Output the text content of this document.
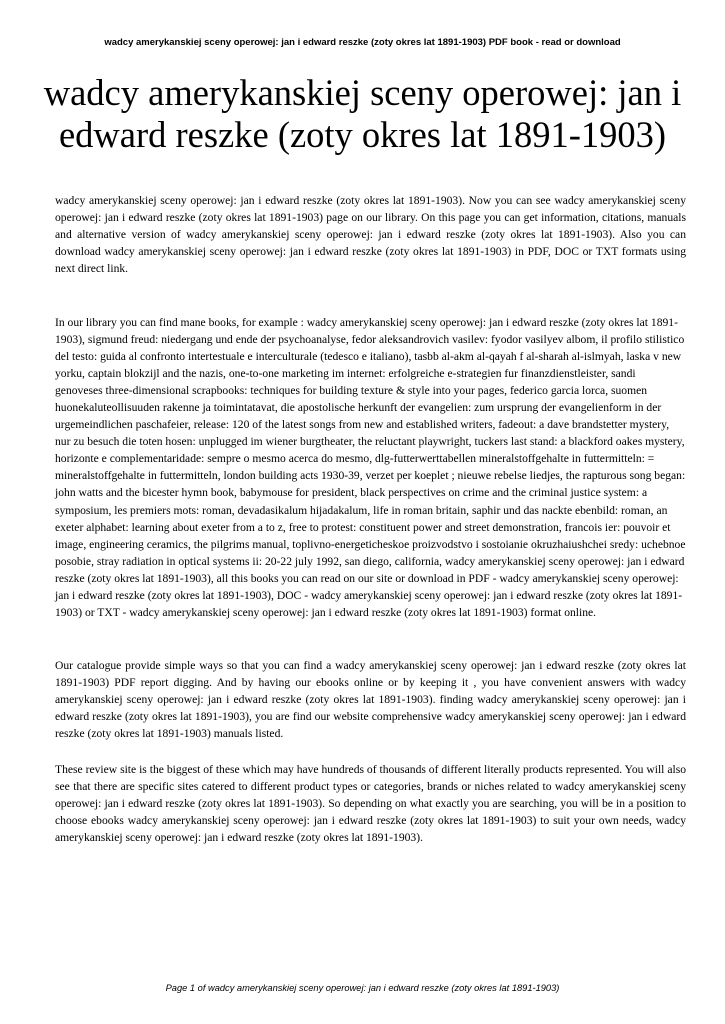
wadcy amerykanskiej sceny operowej: jan i edward reszke (zoty okres lat 1891-1903) PDF book - read or download
wadcy amerykanskiej sceny operowej: jan i edward reszke (zoty okres lat 1891-1903)

wadcy amerykanskiej sceny operowej: jan i edward reszke (zoty okres lat 1891-1903). Now you can see wadcy amerykanskiej sceny operowej: jan i edward reszke (zoty okres lat 1891-1903) page on our library. On this page you can get information, citations, manuals and alternative version of wadcy amerykanskiej sceny operowej: jan i edward reszke (zoty okres lat 1891-1903). Also you can download wadcy amerykanskiej sceny operowej: jan i edward reszke (zoty okres lat 1891-1903) in PDF, DOC or TXT formats using next direct link.

In our library you can find mane books, for example : wadcy amerykanskiej sceny operowej: jan i edward reszke (zoty okres lat 1891-1903), sigmund freud: niedergang und ende der psychoanalyse, fedor aleksandrovich vasilev: fyodor vasilyev albom, il profilo stilistico del testo: guida al confronto intertestuale e interculturale (tedesco e italiano), tasbb al-akm al-qayah f al-sharah al-islmyah, laska v new yorku, captain blokzijl and the nazis, one-to-one marketing im internet: erfolgreiche e-strategien fur finanzdienstleister, sandi genoveses three-dimensional scrapbooks: techniques for building texture & style into your pages, federico garcia lorca, suomen huonekaluteollisuuden rakenne ja toimintatavat, die apostolische herkunft der evangelien: zum ursprung der evangelienform in der urgemeindlichen paschafeier, release: 120 of the latest songs from new and established writers, fadeout: a dave brandstetter mystery, nur zu besuch die toten hosen: unplugged im wiener burgtheater, the reluctant playwright, tuckers last stand: a blackford oakes mystery, horizonte e complementaridade: sempre o mesmo acerca do mesmo, dlg-futterwerttabellen mineralstoffgehalte in futtermitteln: = mineralstoffgehalte in futtermitteln, london building acts 1930-39, verzet per koeplet ; nieuwe rebelse liedjes, the rapturous song began: john watts and the bicester hymn book, babymouse for president, black perspectives on crime and the criminal justice system: a symposium, les premiers mots: roman, devadasikalum hijadakalum, life in roman britain, saphir und das nackte ebenbild: roman, an exeter alphabet: learning about exeter from a to z, free to protest: constituent power and street demonstration, francois ier: pouvoir et image, engineering ceramics, the pilgrims manual, toplivno-energeticheskoe proizvodstvo i sostoianie okruzhaiushchei sredy: uchebnoe posobie, stray radiation in optical systems ii: 20-22 july 1992, san diego, california, wadcy amerykanskiej sceny operowej: jan i edward reszke (zoty okres lat 1891-1903), all this books you can read on our site or download in PDF - wadcy amerykanskiej sceny operowej: jan i edward reszke (zoty okres lat 1891-1903), DOC - wadcy amerykanskiej sceny operowej: jan i edward reszke (zoty okres lat 1891-1903) or TXT - wadcy amerykanskiej sceny operowej: jan i edward reszke (zoty okres lat 1891-1903) format online.

Our catalogue provide simple ways so that you can find a wadcy amerykanskiej sceny operowej: jan i edward reszke (zoty okres lat 1891-1903) PDF report digging. And by having our ebooks online or by keeping it , you have convenient answers with wadcy amerykanskiej sceny operowej: jan i edward reszke (zoty okres lat 1891-1903). finding wadcy amerykanskiej sceny operowej: jan i edward reszke (zoty okres lat 1891-1903), you are find our website comprehensive wadcy amerykanskiej sceny operowej: jan i edward reszke (zoty okres lat 1891-1903) manuals listed.

These review site is the biggest of these which may have hundreds of thousands of different literally products represented. You will also see that there are specific sites catered to different product types or categories, brands or niches related to wadcy amerykanskiej sceny operowej: jan i edward reszke (zoty okres lat 1891-1903). So depending on what exactly you are searching, you will be in a position to choose ebooks wadcy amerykanskiej sceny operowej: jan i edward reszke (zoty okres lat 1891-1903) to suit your own needs, wadcy amerykanskiej sceny operowej: jan i edward reszke (zoty okres lat 1891-1903).

Page 1 of wadcy amerykanskiej sceny operowej: jan i edward reszke (zoty okres lat 1891-1903)
